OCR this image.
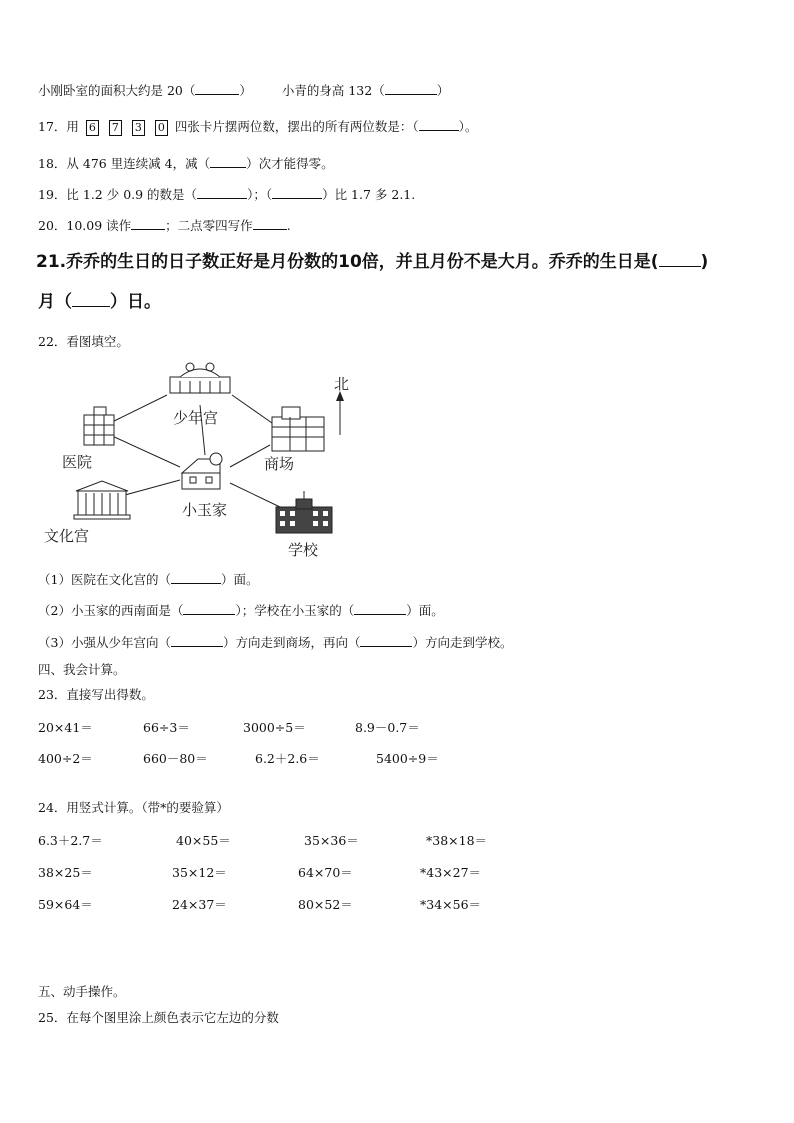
小刚卧室的面积大约是 20（	） 小青的身高 132（	）
17．用 6 7 3 0 四张卡片摆两位数，摆出的所有两位数是：（	）。
18．从 476 里连续减 4，减（	）次才能得零。
19．比 1.2 少 0.9 的数是（	）；（	）比 1.7 多 2.1.
20．10.09 读作	；二点零四写作	.
21.乔乔的生日的日子数正好是月份数的10倍，并且月份不是大月。乔乔的生日是( )
月（ ）日。
22．看图填空。
北
少年宫
医院	商场
小玉家
文化宫
学校
（1）医院在文化宫的（	）面。
（2）小玉家的西南面是（	）；学校在小玉家的（	）面。
（3）小强从少年宫向（	）方向走到商场，再向（	）方向走到学校。
四、我会计算。
23．直接写出得数。
20×41＝	66÷3＝	3000÷5＝	8.9－0.7＝
400÷2＝	660－80＝	6.2＋2.6＝	5400÷9＝
24．用竖式计算。（带*的要验算）
6.3＋2.7＝	40×55＝	35×36＝	*38×18＝
38×25＝	35×12＝	64×70＝	*43×27＝
59×64＝	24×37＝	80×52＝	*34×56＝
五、动手操作。
25．在每个图里涂上颜色表示它左边的分数
